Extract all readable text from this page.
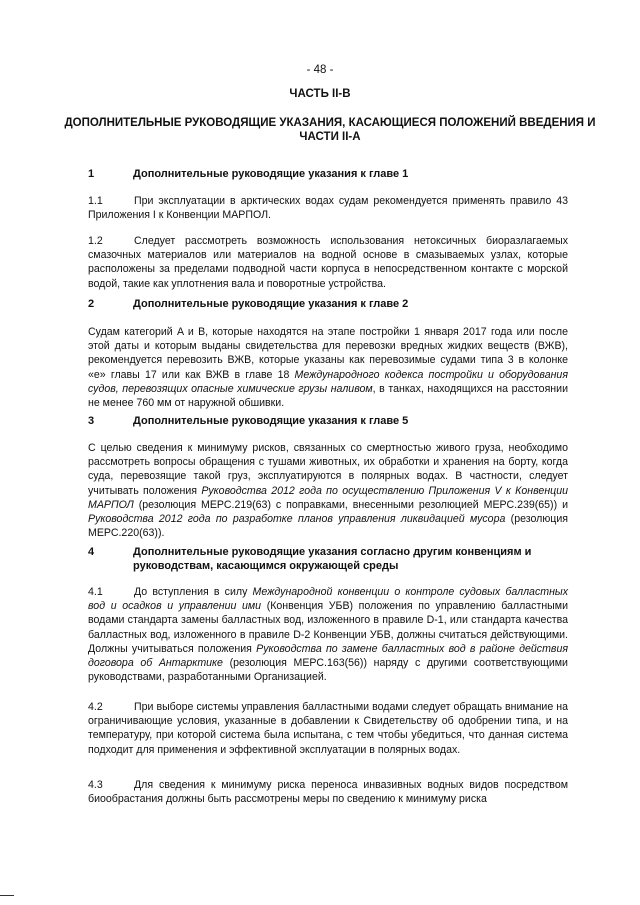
- 48 -
ЧАСТЬ II-B
ДОПОЛНИТЕЛЬНЫЕ РУКОВОДЯЩИЕ УКАЗАНИЯ, КАСАЮЩИЕСЯ ПОЛОЖЕНИЙ ВВЕДЕНИЯ И ЧАСТИ II-A
1	Дополнительные руководящие указания к главе 1
1.1	При эксплуатации в арктических водах судам рекомендуется применять правило 43 Приложения I к Конвенции МАРПОЛ.
1.2	Следует рассмотреть возможность использования нетоксичных биоразлагаемых смазочных материалов или материалов на водной основе в смазываемых узлах, которые расположены за пределами подводной части корпуса в непосредственном контакте с морской водой, такие как уплотнения вала и поворотные устройства.
2	Дополнительные руководящие указания к главе 2
Судам категорий A и B, которые находятся на этапе постройки 1 января 2017 года или после этой даты и которым выданы свидетельства для перевозки вредных жидких веществ (ВЖВ), рекомендуется перевозить ВЖВ, которые указаны как перевозимые судами типа 3 в колонке «e» главы 17 или как ВЖВ в главе 18 Международного кодекса постройки и оборудования судов, перевозящих опасные химические грузы наливом, в танках, находящихся на расстоянии не менее 760 мм от наружной обшивки.
3	Дополнительные руководящие указания к главе 5
С целью сведения к минимуму рисков, связанных со смертностью живого груза, необходимо рассмотреть вопросы обращения с тушами животных, их обработки и хранения на борту, когда суда, перевозящие такой груз, эксплуатируются в полярных водах. В частности, следует учитывать положения Руководства 2012 года по осуществлению Приложения V к Конвенции МАРПОЛ (резолюция МЕРС.219(63) с поправками, внесенными резолюцией МЕРС.239(65)) и Руководства 2012 года по разработке планов управления ликвидацией мусора (резолюция МЕРС.220(63)).
4	Дополнительные руководящие указания согласно другим конвенциям и руководствам, касающимся окружающей среды
4.1	До вступления в силу Международной конвенции о контроле судовых балластных вод и осадков и управлении ими (Конвенция УБВ) положения по управлению балластными водами стандарта замены балластных вод, изложенного в правиле D-1, или стандарта качества балластных вод, изложенного в правиле D-2 Конвенции УБВ, должны считаться действующими. Должны учитываться положения Руководства по замене балластных вод в районе действия договора об Антарктике (резолюция МЕРС.163(56)) наряду с другими соответствующими руководствами, разработанными Организацией.
4.2	При выборе системы управления балластными водами следует обращать внимание на ограничивающие условия, указанные в добавлении к Свидетельству об одобрении типа, и на температуру, при которой система была испытана, с тем чтобы убедиться, что данная система подходит для применения и эффективной эксплуатации в полярных водах.
4.3	Для сведения к минимуму риска переноса инвазивных водных видов посредством биообрастания должны быть рассмотрены меры по сведению к минимуму риска
